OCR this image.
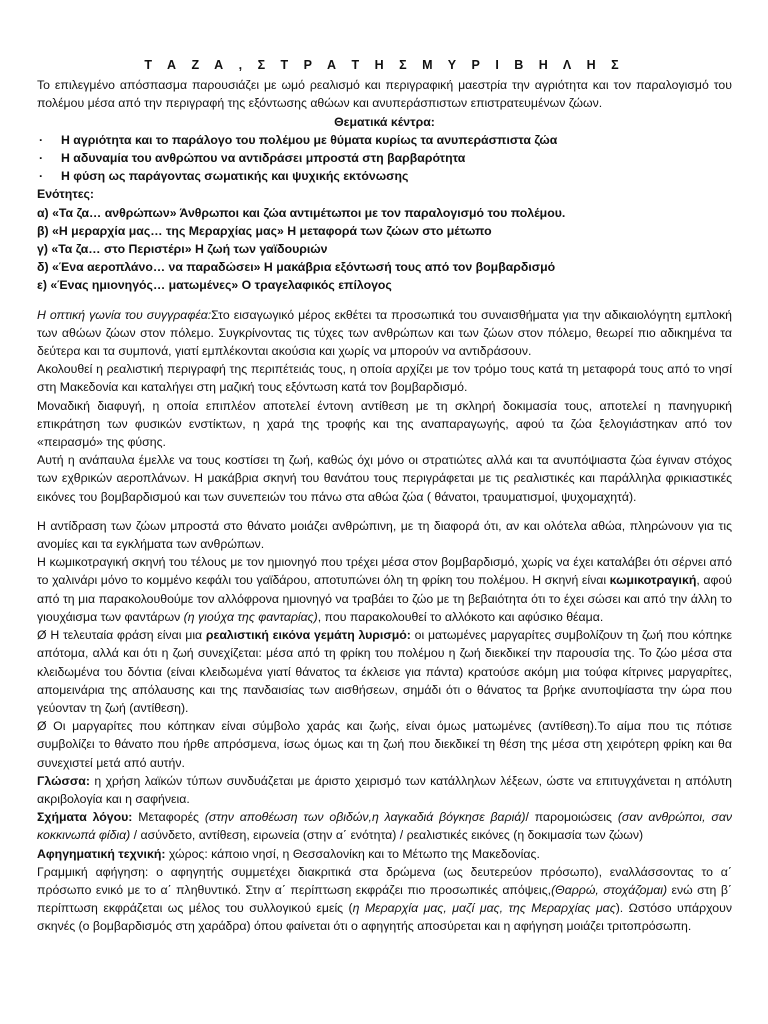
Τ Α Ζ Α , Σ Τ Ρ Α Τ Η Σ Μ Υ Ρ Ι Β Η Λ Η Σ

Το επιλεγμένο απόσπασμα παρουσιάζει με ωμό ρεαλισμό και περιγραφική μαεστρία την αγριότητα και τον παραλογισμό του πολέμου μέσα από την περιγραφή της εξόντωσης αθώων και ανυπεράσπιστων επιστρατευμένων ζώων.

Θεματικά κέντρα:

· Η αγριότητα και το παράλογο του πολέμου με θύματα κυρίως τα ανυπεράσπιστα ζώα

· Η αδυναμία του ανθρώπου να αντιδράσει μπροστά στη βαρβαρότητα

· Η φύση ως παράγοντας σωματικής και ψυχικής εκτόνωσης

Ενότητες:

α) «Τα ζα… ανθρώπων» Άνθρωποι και ζώα αντιμέτωποι με τον παραλογισμό του πολέμου.

β) «Η μεραρχία μας… της Μεραρχίας μας» Η μεταφορά των ζώων στο μέτωπο

γ) «Τα ζα… στο Περιστέρι» Η ζωή των γαϊδουριών

δ) «Ένα αεροπλάνο… να παραδώσει» Η μακάβρια εξόντωσή τους από τον βομβαρδισμό

ε) «Ένας ημιονηγός… ματωμένες» Ο τραγελαφικός επίλογος

Η οπτική γωνία του συγγραφέα:Στο εισαγωγικό μέρος εκθέτει τα προσωπικά του συναισθήματα για την αδικαιολόγητη εμπλοκή των αθώων ζώων στον πόλεμο. Συγκρίνοντας τις τύχες των ανθρώπων και των ζώων στον πόλεμο, θεωρεί πιο αδικημένα τα δεύτερα και τα συμπονά, γιατί εμπλέκονται ακούσια και χωρίς να μπορούν να αντιδράσουν.

Ακολουθεί η ρεαλιστική περιγραφή της περιπέτειάς τους, η οποία αρχίζει με τον τρόμο τους κατά τη μεταφορά τους από το νησί στη Μακεδονία και καταλήγει στη μαζική τους εξόντωση κατά τον βομβαρδισμό.

Μοναδική διαφυγή, η οποία επιπλέον αποτελεί έντονη αντίθεση με τη σκληρή δοκιμασία τους, αποτελεί η πανηγυρική επικράτηση των φυσικών ενστίκτων, η χαρά της τροφής και της αναπαραγωγής, αφού τα ζώα ξελογιάστηκαν από τον «πειρασμό» της φύσης.

Αυτή η ανάπαυλα έμελλε να τους κοστίσει τη ζωή, καθώς όχι μόνο οι στρατιώτες αλλά και τα ανυπόψιαστα ζώα έγιναν στόχος των εχθρικών αεροπλάνων. Η μακάβρια σκηνή του θανάτου τους περιγράφεται με τις ρεαλιστικές και παράλληλα φρικιαστικές εικόνες του βομβαρδισμού και των συνεπειών του πάνω στα αθώα ζώα ( θάνατοι, τραυματισμοί, ψυχομαχητά).

Η αντίδραση των ζώων μπροστά στο θάνατο μοιάζει ανθρώπινη, με τη διαφορά ότι, αν και ολότελα αθώα, πληρώνουν για τις ανομίες και τα εγκλήματα των ανθρώπων.

Η κωμικοτραγική σκηνή του τέλους με τον ημιονηγό που τρέχει μέσα στον βομβαρδισμό, χωρίς να έχει καταλάβει ότι σέρνει από το χαλινάρι μόνο το κομμένο κεφάλι του γαϊδάρου, αποτυπώνει όλη τη φρίκη του πολέμου. Η σκηνή είναι κωμικοτραγική, αφού από τη μια παρακολουθούμε τον αλλόφρονα ημιονηγό να τραβάει το ζώο με τη βεβαιότητα ότι το έχει σώσει και από την άλλη το γιουχάισμα των φαντάρων (η γιούχα της φανταρίας), που παρακολουθεί το αλλόκοτο και αφύσικο θέαμα.

Ø Η τελευταία φράση είναι μια ρεαλιστική εικόνα γεμάτη λυρισμό: οι ματωμένες μαργαρίτες συμβολίζουν τη ζωή που κόπηκε απότομα, αλλά και ότι η ζωή συνεχίζεται: μέσα από τη φρίκη του πολέμου η ζωή διεκδικεί την παρουσία της. Το ζώο μέσα στα κλειδωμένα του δόντια (είναι κλειδωμένα γιατί θάνατος τα έκλεισε για πάντα) κρατούσε ακόμη μια τούφα κίτρινες μαργαρίτες, απομεινάρια της απόλαυσης και της πανδαισίας των αισθήσεων, σημάδι ότι ο θάνατος τα βρήκε ανυποψίαστα την ώρα που γεύονταν τη ζωή (αντίθεση).

Ø Οι μαργαρίτες που κόπηκαν είναι σύμβολο χαράς και ζωής, είναι όμως ματωμένες (αντίθεση).Το αίμα που τις πότισε συμβολίζει το θάνατο που ήρθε απρόσμενα, ίσως όμως και τη ζωή που διεκδικεί τη θέση της μέσα στη χειρότερη φρίκη και θα συνεχιστεί μετά από αυτήν.

Γλώσσα: η χρήση λαϊκών τύπων συνδυάζεται με άριστο χειρισμό των κατάλληλων λέξεων, ώστε να επιτυγχάνεται η απόλυτη ακριβολογία και η σαφήνεια.

Σχήματα λόγου: Μεταφορές (στην αποθέωση των οβιδών,η λαγκαδιά βόγκησε βαριά)/ παρομοιώσεις (σαν ανθρώποι, σαν κοκκινωπά φίδια) / ασύνδετο, αντίθεση, ειρωνεία (στην α΄ ενότητα) / ρεαλιστικές εικόνες (η δοκιμασία των ζώων)

Αφηγηματική τεχνική: χώρος: κάποιο νησί, η Θεσσαλονίκη και το Μέτωπο της Μακεδονίας.

Γραμμική αφήγηση: ο αφηγητής συμμετέχει διακριτικά στα δρώμενα (ως δευτερεύον πρόσωπο), εναλλάσσοντας το α΄ πρόσωπο ενικό με το α΄ πληθυντικό. Στην α΄ περίπτωση εκφράζει πιο προσωπικές απόψεις,(Θαρρώ, στοχάζομαι) ενώ στη β΄ περίπτωση εκφράζεται ως μέλος του συλλογικού εμείς (η Μεραρχία μας, μαζί μας, της Μεραρχίας μας). Ωστόσο υπάρχουν σκηνές (ο βομβαρδισμός στη χαράδρα) όπου φαίνεται ότι ο αφηγητής αποσύρεται και η αφήγηση μοιάζει τριτοπρόσωπη.
